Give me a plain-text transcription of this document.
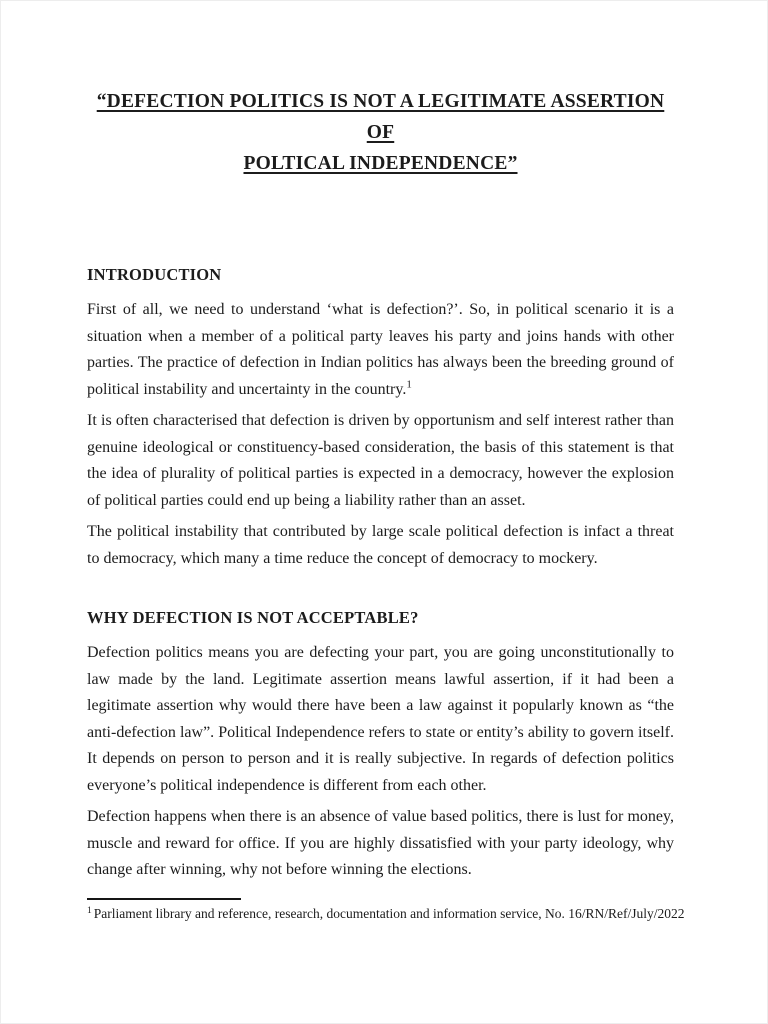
“DEFECTION POLITICS IS NOT A LEGITIMATE ASSERTION OF
POLTICAL INDEPENDENCE”
INTRODUCTION

First of all, we need to understand ‘what is defection?’. So, in political scenario it is a situation when a member of a political party leaves his party and joins hands with other parties. The practice of defection in Indian politics has always been the breeding ground of political instability and uncertainty in the country.$^1$

It is often characterised that defection is driven by opportunism and self interest rather than genuine ideological or constituency-based consideration, the basis of this statement is that the idea of plurality of political parties is expected in a democracy, however the explosion of political parties could end up being a liability rather than an asset.

The political instability that contributed by large scale political defection is infact a threat to democracy, which many a time reduce the concept of democracy to mockery.

WHY DEFECTION IS NOT ACCEPTABLE?

Defection politics means you are defecting your part, you are going unconstitutionally to law made by the land. Legitimate assertion means lawful assertion, if it had been a legitimate assertion why would there have been a law against it popularly known as “the anti-defection law”. Political Independence refers to state or entity’s ability to govern itself. It depends on person to person and it is really subjective. In regards of defection politics everyone’s political independence is different from each other.

Defection happens when there is an absence of value based politics, there is lust for money, muscle and reward for office. If you are highly dissatisfied with your party ideology, why change after winning, why not before winning the elections.

$^1$ Parliament library and reference, research, documentation and information service, No. 16/RN/Ref/July/2022
